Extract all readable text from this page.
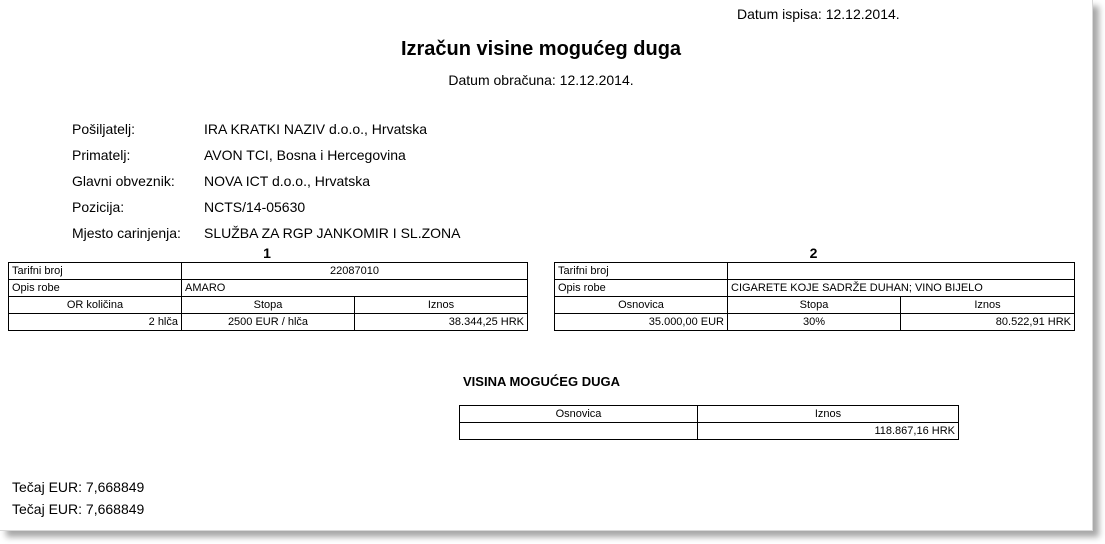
Datum ispisa: 12.12.2014.
Izračun visine mogućeg duga
Datum obračuna: 12.12.2014.
Pošiljatelj:	IRA KRATKI NAZIV d.o.o., Hrvatska
Primatelj:	AVON TCI, Bosna i Hercegovina
Glavni obveznik:	NOVA ICT d.o.o., Hrvatska
Pozicija:	NCTS/14-05630
Mjesto carinjenja:	SLUŽBA ZA RGP JANKOMIR I SL.ZONA
1
Tarifni broj	22087010	
Opis robe	AMARO	
OR količina	Stopa	Iznos
2 hlča	2500 EUR / hlča	38.344,25 HRK
2
Tarifni broj		
Opis robe	CIGARETE KOJE SADRŽE DUHAN; VINO BIJELO	
Osnovica	Stopa	Iznos
35.000,00 EUR	30%	80.522,91 HRK
VISINA MOGUĆEG DUGA
Osnovica	Iznos
	118.867,16 HRK
Tečaj EUR: 7,668849
Tečaj EUR: 7,668849
